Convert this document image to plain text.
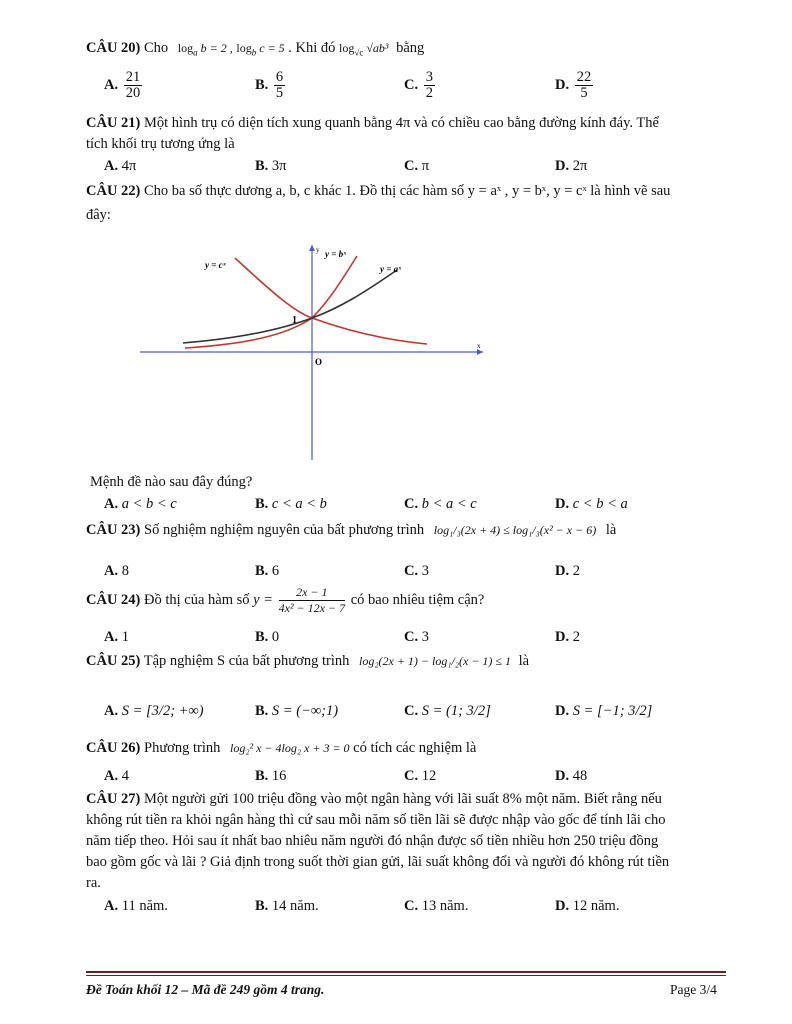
CÂU 20) Cho $\log_a b = 2$ , $\log_b c = 5$ . Khi đó $\log_{√c} √ab^3$ bằng
A. $\frac{21}{20}$	B. $\frac{6}{5}$	C. $\frac{3}{2}$	D. $\frac{22}{5}$
CÂU 21) Một hình trụ có diện tích xung quanh bằng 4π và có chiều cao bằng đường kính đáy. Thể
tích khối trụ tương ứng là
A. 4π	B. 3π	C. π	D. 2π
CÂU 22) Cho ba số thực dương a, b, c khác 1. Đồ thị các hàm số y = aˣ , y = bˣ, y = cˣ là hình vẽ sau
đây:
y = cˣ
y = bˣ
y = aˣ
1
O
x
y
Mệnh đề nào sau đây đúng?
A. a < b < c	B. c < a < b	C. b < a < c	D. c < b < a
CÂU 23) Số nghiệm nghiệm nguyên của bất phương trình log₁/₃(2x + 4) ≤ log₁/₃(x² − x − 6) là
A. 8	B. 6	C. 3	D. 2
CÂU 24) Đồ thị của hàm số $y = \frac{2x - 1}{\text{4x² − 12x − 7}}$ có bao nhiêu tiệm cận?
A. 1	B. 0	C. 3	D. 2
CÂU 25) Tập nghiệm S của bất phương trình log₂(2x + 1) − log₁/₂(x − 1) ≤ 1 là
A. S = [3/2; +∞)	B. S = (−∞;1)	C. S = (1; 3/2]	D. S = [−1; 3/2]
CÂU 26) Phương trình log₂² x − 4log₂ x + 3 = 0 có tích các nghiệm là
A. 4	B. 16	C. 12	D. 48
CÂU 27) Một người gửi 100 triệu đồng vào một ngân hàng với lãi suất 8% một năm. Biết rằng nếu
không rút tiền ra khỏi ngân hàng thì cứ sau mỗi năm số tiền lãi sẽ được nhập vào gốc để tính lãi cho
năm tiếp theo. Hỏi sau ít nhất bao nhiêu năm người đó nhận được số tiền nhiều hơn 250 triệu đồng
bao gồm gốc và lãi ? Giả định trong suốt thời gian gửi, lãi suất không đổi và người đó không rút tiền
ra.
A. 11 năm.	B. 14 năm.	C. 13 năm.	D. 12 năm.
Đề Toán khối 12 – Mã đề 249 gồm 4 trang.	Page 3/4
